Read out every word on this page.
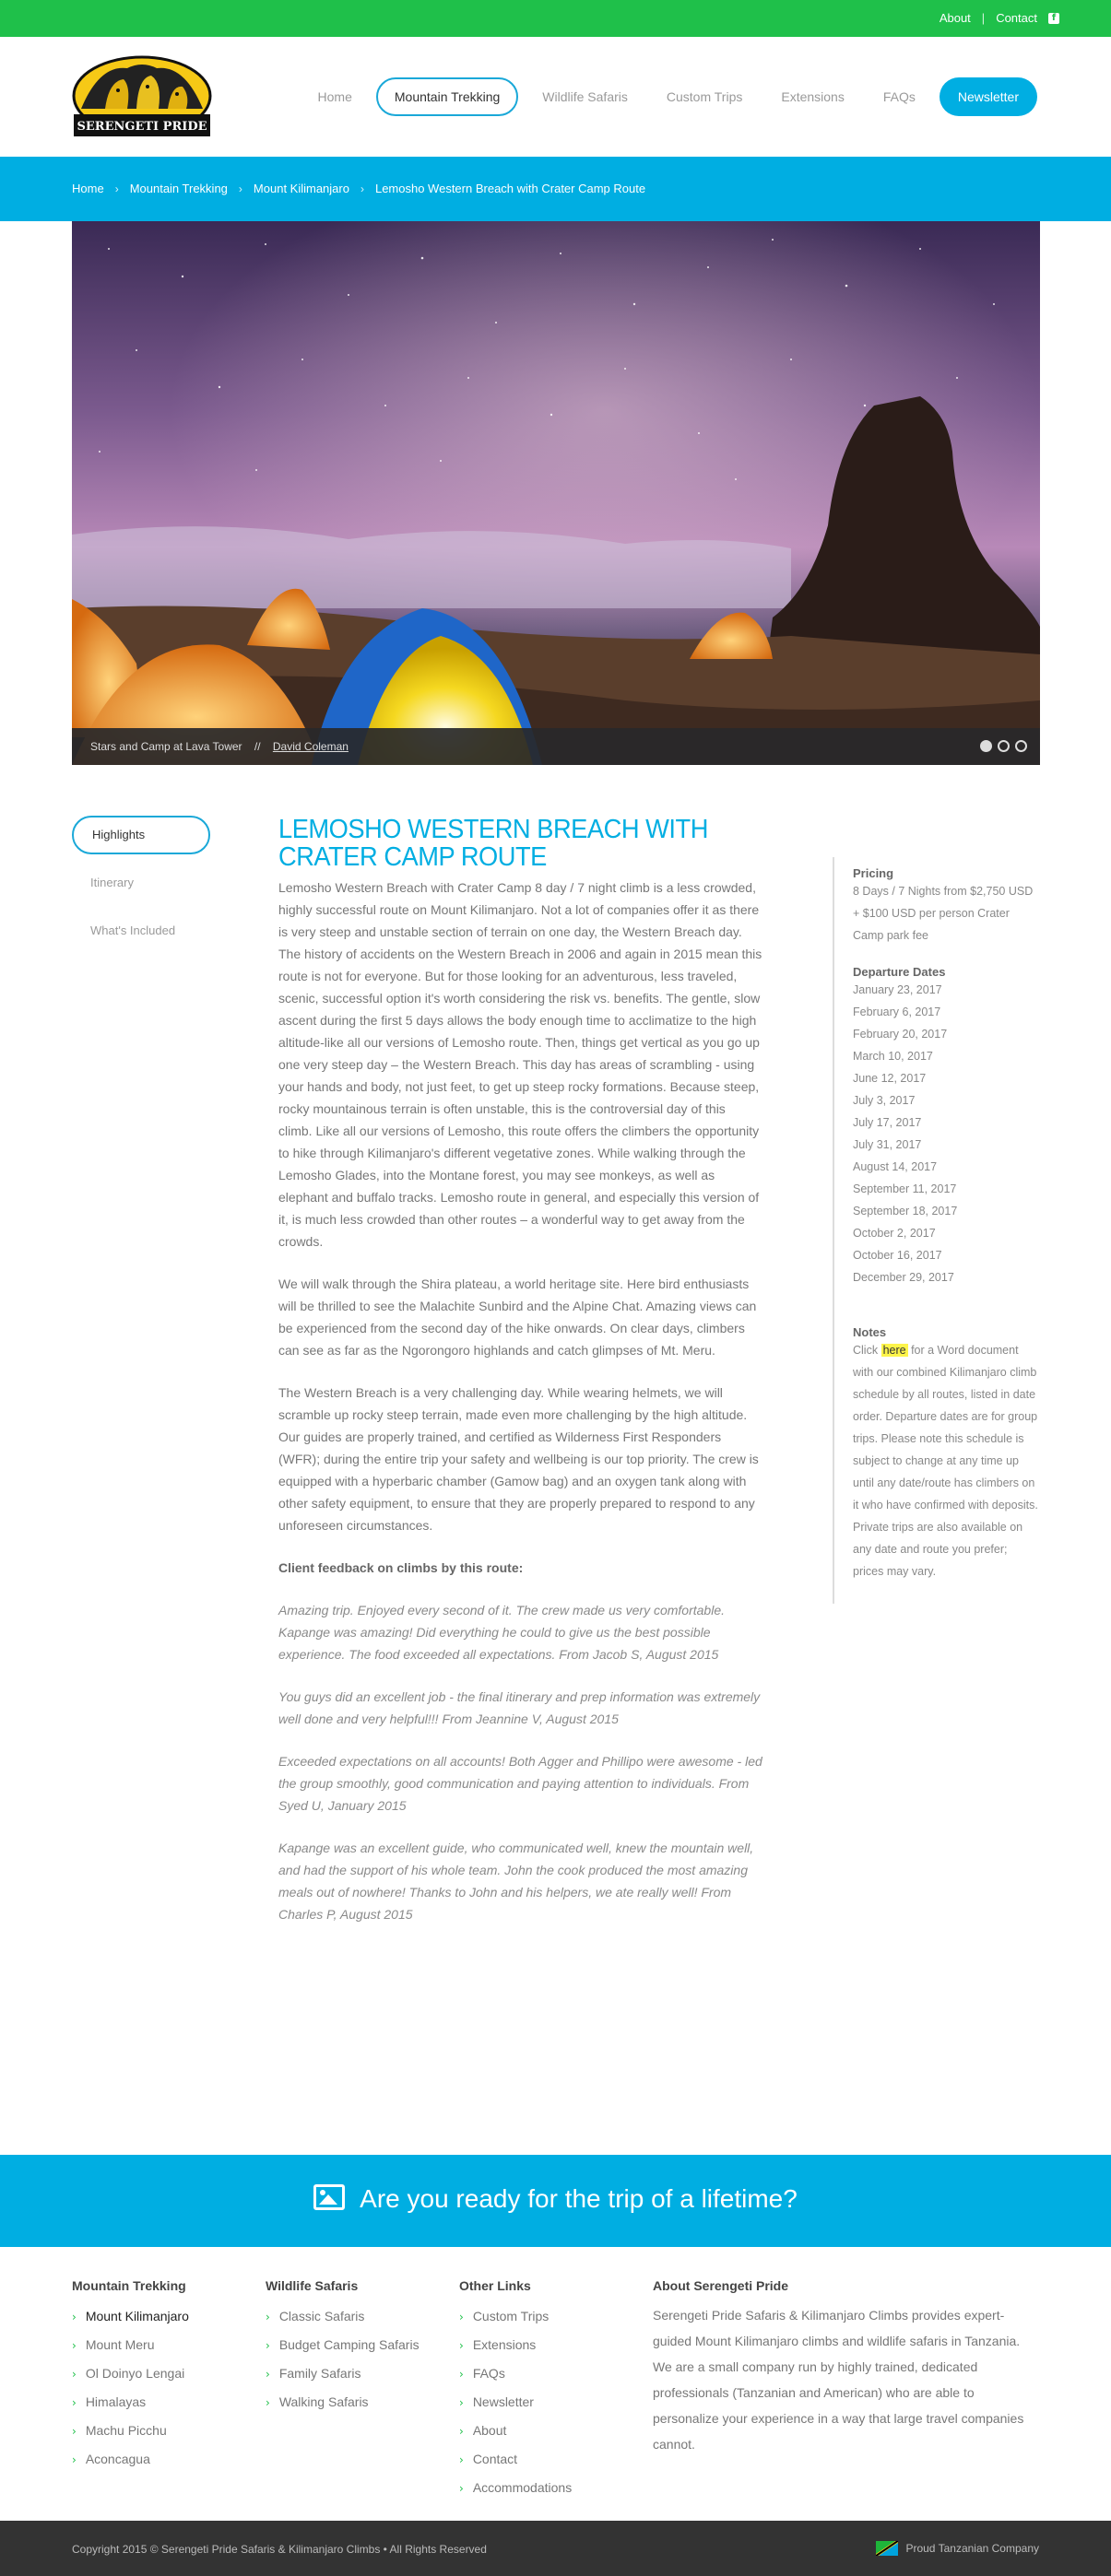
About | Contact	f
SERENGETI PRIDE
Home	Mountain Trekking	Wildlife Safaris	Custom Trips	Extensions	FAQs	Newsletter
Home › Mountain Trekking › Mount Kilimanjaro › Lemosho Western Breach with Crater Camp Route
Stars and Camp at Lava Tower // David Coleman
Highlights
Itinerary
What's Included
LEMOSHO WESTERN BREACH WITH CRATER CAMP ROUTE

Lemosho Western Breach with Crater Camp 8 day / 7 night climb is a less crowded, highly successful route on Mount Kilimanjaro. Not a lot of companies offer it as there is very steep and unstable section of terrain on one day, the Western Breach day. The history of accidents on the Western Breach in 2006 and again in 2015 mean this route is not for everyone. But for those looking for an adventurous, less traveled, scenic, successful option it's worth considering the risk vs. benefits. The gentle, slow ascent during the first 5 days allows the body enough time to acclimatize to the high altitude-like all our versions of Lemosho route. Then, things get vertical as you go up one very steep day – the Western Breach. This day has areas of scrambling - using your hands and body, not just feet, to get up steep rocky formations. Because steep, rocky mountainous terrain is often unstable, this is the controversial day of this climb. Like all our versions of Lemosho, this route offers the climbers the opportunity to hike through Kilimanjaro's different vegetative zones. While walking through the Lemosho Glades, into the Montane forest, you may see monkeys, as well as elephant and buffalo tracks. Lemosho route in general, and especially this version of it, is much less crowded than other routes – a wonderful way to get away from the crowds.

We will walk through the Shira plateau, a world heritage site. Here bird enthusiasts will be thrilled to see the Malachite Sunbird and the Alpine Chat. Amazing views can be experienced from the second day of the hike onwards. On clear days, climbers can see as far as the Ngorongoro highlands and catch glimpses of Mt. Meru.

The Western Breach is a very challenging day. While wearing helmets, we will scramble up rocky steep terrain, made even more challenging by the high altitude. Our guides are properly trained, and certified as Wilderness First Responders (WFR); during the entire trip your safety and wellbeing is our top priority. The crew is equipped with a hyperbaric chamber (Gamow bag) and an oxygen tank along with other safety equipment, to ensure that they are properly prepared to respond to any unforeseen circumstances.

Client feedback on climbs by this route:

Amazing trip. Enjoyed every second of it. The crew made us very comfortable. Kapange was amazing! Did everything he could to give us the best possible experience. The food exceeded all expectations. From Jacob S, August 2015

You guys did an excellent job - the final itinerary and prep information was extremely well done and very helpful!!! From Jeannine V, August 2015

Exceeded expectations on all accounts! Both Agger and Phillipo were awesome - led the group smoothly, good communication and paying attention to individuals. From Syed U, January 2015

Kapange was an excellent guide, who communicated well, knew the mountain well, and had the support of his whole team. John the cook produced the most amazing meals out of nowhere! Thanks to John and his helpers, we ate really well! From Charles P, August 2015

Pricing
8 Days / 7 Nights from $2,750 USD + $100 USD per person Crater Camp park fee
Departure Dates
January 23, 2017
February 6, 2017
February 20, 2017
March 10, 2017
June 12, 2017
July 3, 2017
July 17, 2017
July 31, 2017
August 14, 2017
September 11, 2017
September 18, 2017
October 2, 2017
October 16, 2017
December 29, 2017
Notes
Click here for a Word document with our combined Kilimanjaro climb schedule by all routes, listed in date order. Departure dates are for group trips. Please note this schedule is subject to change at any time up until any date/route has climbers on it who have confirmed with deposits. Private trips are also available on any date and route you prefer; prices may vary.
Are you ready for the trip of a lifetime?
Mountain Trekking
› Mount Kilimanjaro
› Mount Meru
› Ol Doinyo Lengai
› Himalayas
› Machu Picchu
› Aconcagua
Wildlife Safaris
› Classic Safaris
› Budget Camping Safaris
› Family Safaris
› Walking Safaris
Other Links
› Custom Trips
› Extensions
› FAQs
› Newsletter
› About
› Contact
› Accommodations
About Serengeti Pride

Serengeti Pride Safaris & Kilimanjaro Climbs provides expert-guided Mount Kilimanjaro climbs and wildlife safaris in Tanzania. We are a small company run by highly trained, dedicated professionals (Tanzanian and American) who are able to personalize your experience in a way that large travel companies cannot.

Copyright 2015 © Serengeti Pride Safaris & Kilimanjaro Climbs • All Rights Reserved	Proud Tanzanian Company
